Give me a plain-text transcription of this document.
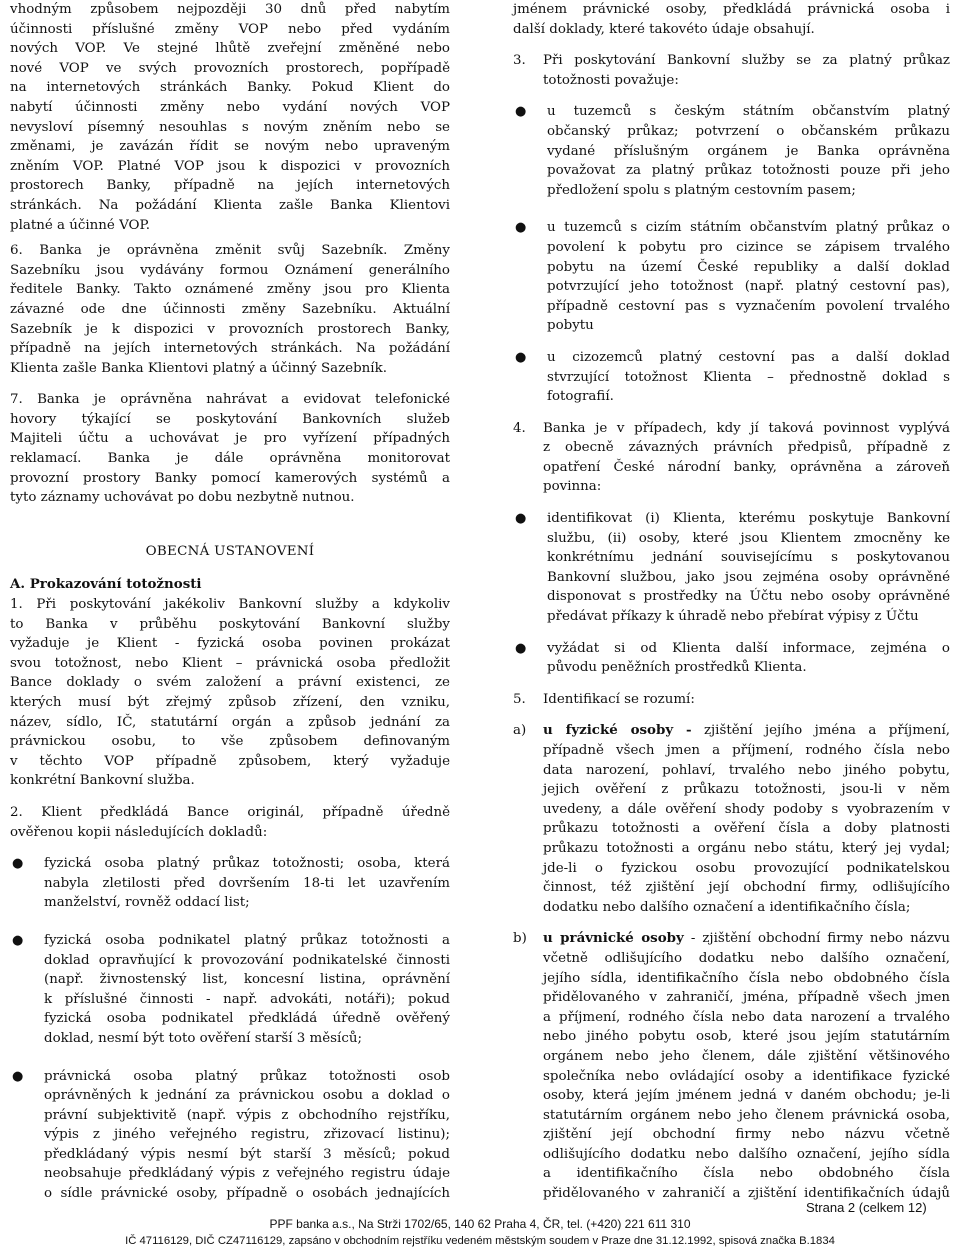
vhodným způsobem nejpozději 30 dnů před nabytím
účinnosti příslušné změny VOP nebo před vydáním
nových VOP. Ve stejné lhůtě zveřejní změněné nebo
nové VOP ve svých provozních prostorech, popřípadě
na internetových stránkách Banky. Pokud Klient do
nabytí účinnosti změny nebo vydání nových VOP
nevysloví písemný nesouhlas s novým zněním nebo se
změnami, je zavázán řídit se novým nebo upraveným
zněním VOP. Platné VOP jsou k dispozici v provozních
prostorech Banky, případně na jejích internetových
stránkách. Na požádání Klienta zašle Banka Klientovi
platné a účinné VOP.
6. Banka je oprávněna změnit svůj Sazebník. Změny
Sazebníku jsou vydávány formou Oznámení generálního
ředitele Banky. Takto oznámené změny jsou pro Klienta
závazné ode dne účinnosti změny Sazebníku. Aktuální
Sazebník je k dispozici v provozních prostorech Banky,
případně na jejích internetových stránkách. Na požádání
Klienta zašle Banka Klientovi platný a účinný Sazebník.
7. Banka je oprávněna nahrávat a evidovat telefonické
hovory týkající se poskytování Bankovních služeb
Majiteli účtu a uchovávat je pro vyřízení případných
reklamací. Banka je dále oprávněna monitorovat
provozní prostory Banky pomocí kamerových systémů a
tyto záznamy uchovávat po dobu nezbytně nutnou.
OBECNÁ USTANOVENÍ
A. Prokazování totožnosti
1. Při poskytování jakékoliv Bankovní služby a kdykoliv
to Banka v průběhu poskytování Bankovní služby
vyžaduje je Klient - fyzická osoba povinen prokázat
svou totožnost, nebo Klient – právnická osoba předložit
Bance doklady o svém založení a právní existenci, ze
kterých musí být zřejmý způsob zřízení, den vzniku,
název, sídlo, IČ, statutární orgán a způsob jednání za
právnickou osobu, to vše způsobem definovaným
v těchto VOP případně způsobem, který vyžaduje
konkrétní Bankovní služba.
2. Klient předkládá Bance originál, případně úředně
ověřenou kopii následujících dokladů:
● fyzická osoba platný průkaz totožnosti; osoba, která
nabyla zletilosti před dovršením 18-ti let uzavřením
manželství, rovněž oddací list;
● fyzická osoba podnikatel platný průkaz totožnosti a
doklad opravňující k provozování podnikatelské činnosti
(např. živnostenský list, koncesní listina, oprávnění
k příslušné činnosti - např. advokáti, notáři); pokud
fyzická osoba podnikatel předkládá úředně ověřený
doklad, nesmí být toto ověření starší 3 měsíců;
● právnická osoba platný průkaz totožnosti osob
oprávněných k jednání za právnickou osobu a doklad o
právní subjektivitě (např. výpis z obchodního rejstříku,
výpis z jiného veřejného registru, zřizovací listinu);
předkládaný výpis nesmí být starší 3 měsíců; pokud
neobsahuje předkládaný výpis z veřejného registru údaje
o sídle právnické osoby, případně o osobách jednajících
jménem právnické osoby, předkládá právnická osoba i
další doklady, které takovéto údaje obsahují.
3. Při poskytování Bankovní služby se za platný průkaz
totožnosti považuje:
● u tuzemců s českým státním občanstvím platný
občanský průkaz; potvrzení o občanském průkazu
vydané příslušným orgánem je Banka oprávněna
považovat za platný průkaz totožnosti pouze při jeho
předložení spolu s platným cestovním pasem;
● u tuzemců s cizím státním občanstvím platný průkaz o
povolení k pobytu pro cizince se zápisem trvalého
pobytu na území České republiky a další doklad
potvrzující jeho totožnost (např. platný cestovní pas),
případně cestovní pas s vyznačením povolení trvalého
pobytu
● u cizozemců platný cestovní pas a další doklad
stvrzující totožnost Klienta – přednostně doklad s
fotografií.
4. Banka je v případech, kdy jí taková povinnost vyplývá
z obecně závazných právních předpisů, případně z
opatření České národní banky, oprávněna a zároveň
povinna:
● identifikovat (i) Klienta, kterému poskytuje Bankovní
službu, (ii) osoby, které jsou Klientem zmocněny ke
konkrétnímu jednání souvisejícímu s poskytovanou
Bankovní službou, jako jsou zejména osoby oprávněné
disponovat s prostředky na Účtu nebo osoby oprávněné
předávat příkazy k úhradě nebo přebírat výpisy z Účtu
● vyžádat si od Klienta další informace, zejména o
původu peněžních prostředků Klienta.
5. Identifikací se rozumí:
a) u fyzické osoby - zjištění jejího jména a příjmení,
případně všech jmen a příjmení, rodného čísla nebo
data narození, pohlaví, trvalého nebo jiného pobytu,
jejich ověření z průkazu totožnosti, jsou-li v něm
uvedeny, a dále ověření shody podoby s vyobrazením v
průkazu totožnosti a ověření čísla a doby platnosti
průkazu totožnosti a orgánu nebo státu, který jej vydal;
jde-li o fyzickou osobu provozující podnikatelskou
činnost, též zjištění její obchodní firmy, odlišujícího
dodatku nebo dalšího označení a identifikačního čísla;
b) u právnické osoby - zjištění obchodní firmy nebo názvu
včetně odlišujícího dodatku nebo dalšího označení,
jejího sídla, identifikačního čísla nebo obdobného čísla
přidělovaného v zahraničí, jména, případně všech jmen
a příjmení, rodného čísla nebo data narození a trvalého
nebo jiného pobytu osob, které jsou jejím statutárním
orgánem nebo jeho členem, dále zjištění většinového
společníka nebo ovládající osoby a identifikace fyzické
osoby, která jejím jménem jedná v daném obchodu; je-li
statutárním orgánem nebo jeho členem právnická osoba,
zjištění její obchodní firmy nebo názvu včetně
odlišujícího dodatku nebo dalšího označení, jejího sídla
a identifikačního čísla nebo obdobného čísla
přidělovaného v zahraničí a zjištění identifikačních údajů
Strana 2 (celkem 12)
PPF banka a.s., Na Strži 1702/65, 140 62 Praha 4, ČR, tel. (+420) 221 611 310
IČ 47116129, DIČ CZ47116129, zapsáno v obchodním rejstříku vedeném městským soudem v Praze dne 31.12.1992, spisová značka B.1834
